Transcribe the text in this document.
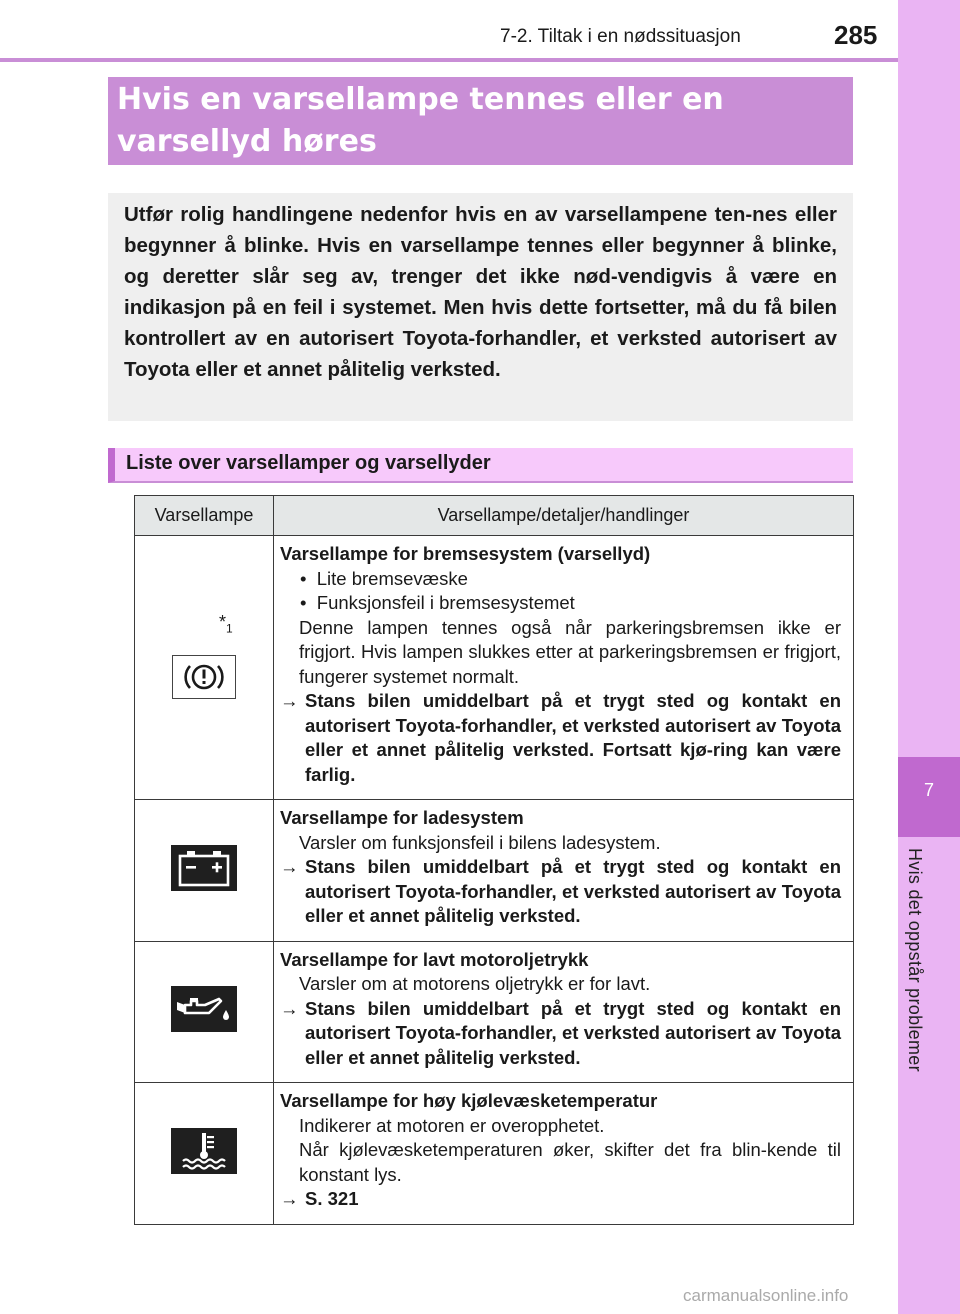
7-2. Tiltak i en nødssituasjon	285
7
Hvis det oppstår problemer
Hvis en varsellampe tennes eller en
varsellyd høres

Utfør rolig handlingene nedenfor hvis en av varsellampene ten-nes eller begynner å blinke. Hvis en varsellampe tennes eller begynner å blinke, og deretter slår seg av, trenger det ikke nød-vendigvis å være en indikasjon på en feil i systemet. Men hvis dette fortsetter, må du få bilen kontrollert av en autorisert Toyota-forhandler, et verksted autorisert av Toyota eller et annet pålitelig verksted.

Liste over varsellamper og varsellyder
Varsellampe	Varsellampe/detaljer/handlinger

$*_1$	Varsellampe for bremsesystem (varsellyd)
•  Lite bremsevæske
•  Funksjonsfeil i bremsesystemet
Denne lampen tennes også når parkeringsbremsen ikke er frigjort. Hvis lampen slukkes etter at parkeringsbremsen er frigjort, fungerer systemet normalt.
→ Stans bilen umiddelbart på et trygt sted og kontakt en autorisert Toyota-forhandler, et verksted autorisert av Toyota eller et annet pålitelig verksted. Fortsatt kjø-ring kan være farlig.

Varsellampe for ladesystem
Varsler om funksjonsfeil i bilens ladesystem.
→ Stans bilen umiddelbart på et trygt sted og kontakt en autorisert Toyota-forhandler, et verksted autorisert av Toyota eller et annet pålitelig verksted.

Varsellampe for lavt motoroljetrykk
Varsler om at motorens oljetrykk er for lavt.
→ Stans bilen umiddelbart på et trygt sted og kontakt en autorisert Toyota-forhandler, et verksted autorisert av Toyota eller et annet pålitelig verksted.

Varsellampe for høy kjølevæsketemperatur
Indikerer at motoren er overopphetet.
Når kjølevæsketemperaturen øker, skifter det fra blin-kende til konstant lys.
→ S. 321
carmanualsonline.info
